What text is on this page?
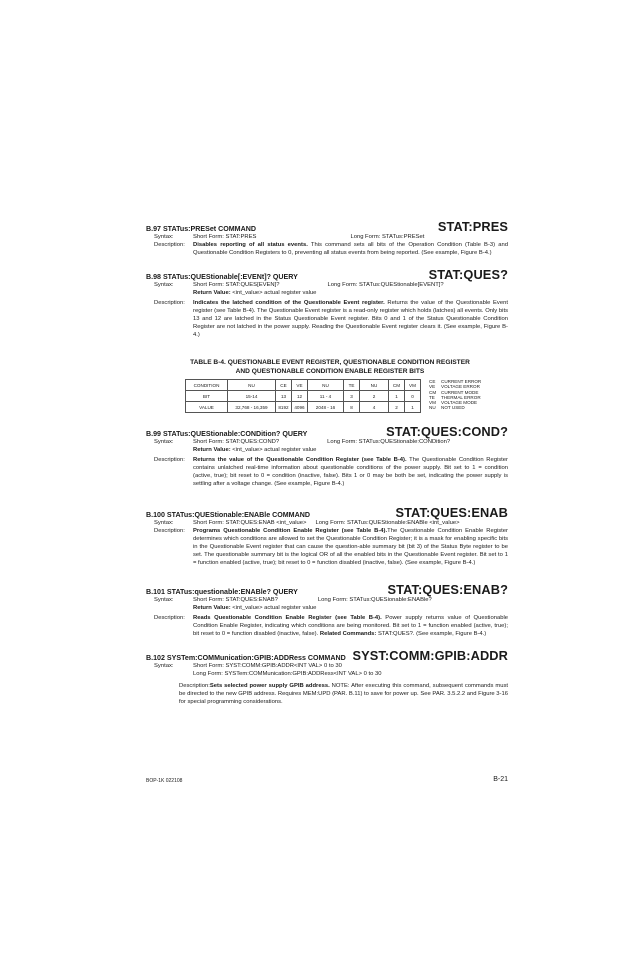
B.97 STATus:PRESet COMMAND	STAT:PRES
Syntax:	Short Form: STAT:PRES	Long Form: STATus:PRESet
Description: Disables reporting of all status events. This command sets all bits of the Operation Condition (Table B-3) and Questionable Condition Registers to 0, preventing all status events from being reported. (See example, Figure B-4.)
B.98 STATus:QUEStionable[:EVENt]? QUERY	STAT:QUES?
Syntax:	Short Form: STAT:QUES[EVEN]?	Long Form: STATus:QUEStionable[EVENT]?
Return Value: <int_value> actual register value
Description: Indicates the latched condition of the Questionable Event register. Returns the value of the Questionable Event register (see Table B-4). The Questionable Event register is a read-only register which holds (latches) all events. Only bits 13 and 12 are latched in the Status Questionable Event register. Bits 0 and 1 of the Status Questionable Condition Register are not latched in the power supply. Reading the Questionable Event register clears it. (See example, Figure B-4.)
TABLE B-4. QUESTIONABLE EVENT REGISTER, QUESTIONABLE CONDITION REGISTER
AND QUESTIONABLE CONDITION ENABLE REGISTER BITS
CONDITION	NU	CE	VE	NU	TE	NU	CM	VM
BIT	15-14	13	12	11 - 4	3	2	1	0
VALUE	32,768 - 16,359	8192	4096	2048 - 16	8	4	2	1
CE CURRENT ERROR
VE VOLTAGE ERROR
CM CURRENT MODE
TE THERMAL ERROR
VM VOLTAGE MODE
NU NOT USED
B.99 STATus:QUEStionable:CONDition? QUERY	STAT:QUES:COND?
Syntax:	Short Form: STAT:QUES:COND?	Long Form: STATus:QUEStionable:CONDition?
Return Value: <int_value> actual register value
Description: Returns the value of the Questionable Condition Register (see Table B-4). The Questionable Condition Register contains unlatched real-time information about questionable conditions of the power supply. Bit set to 1 = condition (active, true); bit reset to 0 = condition (inactive, false). Bits 1 or 0 may be both be set, indicating the power supply is settling after a voltage change. (See example, Figure B-4.)
B.100 STATus:QUEStionable:ENABle COMMAND	STAT:QUES:ENAB
Syntax:	Short Form: STAT:QUES:ENAB <int_value> Long Form: STATus:QUEStionable:ENABle <int_value>
Description: Programs Questionable Condition Enable Register (see Table B-4).The Questionable Condition Enable Register determines which conditions are allowed to set the Questionable Condition Register; it is a mask for enabling specific bits in the Questionable Event register that can cause the question-able summary bit (bit 3) of the Status Byte register to be set. The questionable summary bit is the logical OR of all the enabled bits in the Questionable Event register. Bit set to 1 = function enabled (active, true); bit reset to 0 = function disabled (inactive, false). (See example, Figure B-4.)
B.101 STATus:questionable:ENABle? QUERY	STAT:QUES:ENAB?
Syntax:	Short Form: STAT:QUES:ENAB?	Long Form: STATus:QUESionable:ENABle?
Return Value: <int_value> actual register value
Description: Reads Questionable Condition Enable Register (see Table B-4). Power supply returns value of Questionable Condition Enable Register, indicating which conditions are being monitored. Bit set to 1 = function enabled (active, true); bit reset to 0 = function disabled (inactive, false). Related Commands: STAT:QUES?. (See example, Figure B-4.)
B.102 SYSTem:COMMunication:GPIB:ADDRess COMMAND SYST:COMM:GPIB:ADDR
Syntax:	Short Form: SYST:COMM:GPIB:ADDR<INT VAL> 0 to 30
Long Form: SYSTem:COMMunication:GPIB:ADDRess<INT VAL> 0 to 30
Description:Sets selected power supply GPIB address. NOTE: After executing this command, subsequent commands must be directed to the new GPIB address. Requires MEM:UPD (PAR. B.11) to save for power up. See PAR. 3.5.2.2 and Figure 3-16 for special programming considerations.
BOP-1K 022108	B-21
